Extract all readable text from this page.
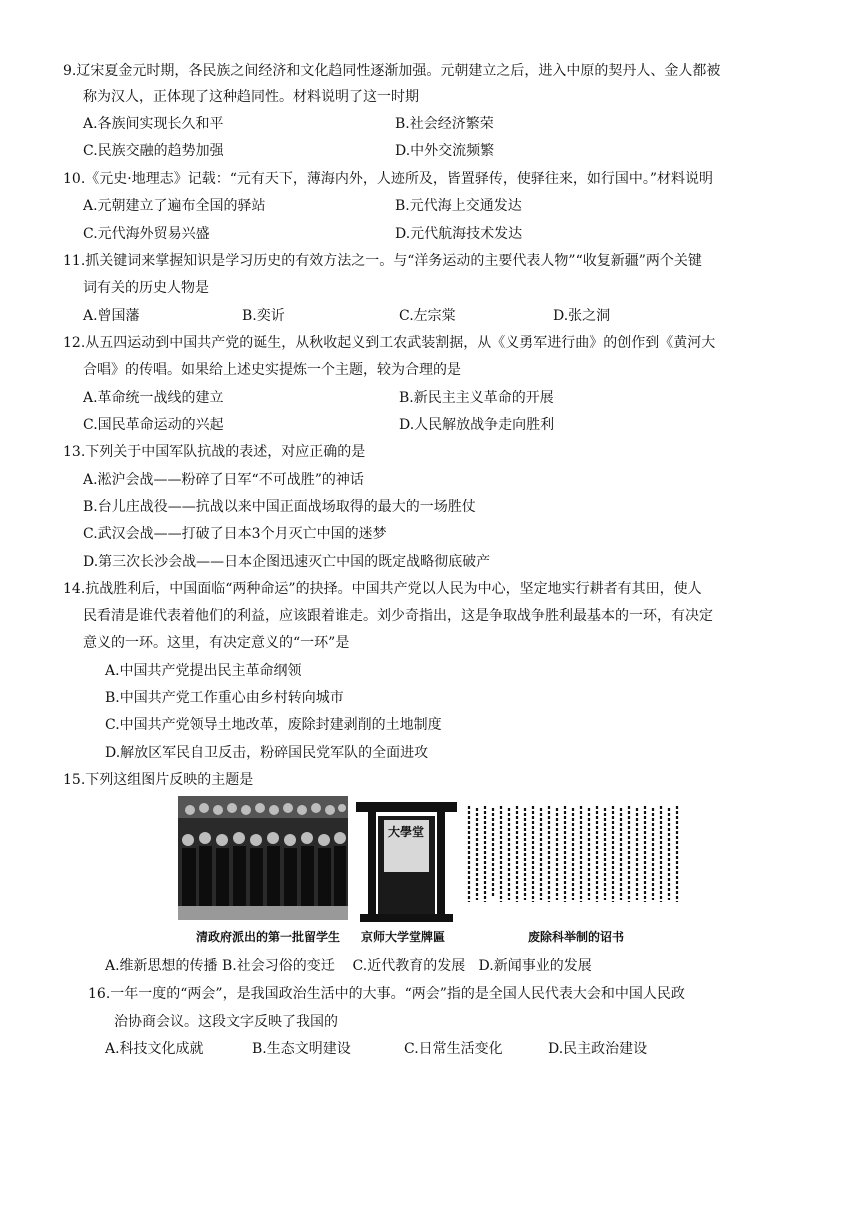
9.辽宋夏金元时期，各民族之间经济和文化趋同性逐渐加强。元朝建立之后，进入中原的契丹人、金人都被
称为汉人，正体现了这种趋同性。材料说明了这一时期
A.各族间实现长久和平	B.社会经济繁荣
C.民族交融的趋势加强	D.中外交流频繁
10.《元史·地理志》记载：“元有天下，薄海内外，人迹所及，皆置驿传，使驿往来，如行国中。”材料说明
A.元朝建立了遍布全国的驿站	B.元代海上交通发达
C.元代海外贸易兴盛	D.元代航海技术发达
11.抓关键词来掌握知识是学习历史的有效方法之一。与“洋务运动的主要代表人物”“收复新疆”两个关键
词有关的历史人物是
A.曾国藩	B.奕䜣	C.左宗棠	D.张之洞
12.从五四运动到中国共产党的诞生，从秋收起义到工农武装割据，从《义勇军进行曲》的创作到《黄河大
合唱》的传唱。如果给上述史实提炼一个主题，较为合理的是
A.革命统一战线的建立	B.新民主主义革命的开展
C.国民革命运动的兴起	D.人民解放战争走向胜利
13.下列关于中国军队抗战的表述，对应正确的是
A.淞沪会战——粉碎了日军“不可战胜”的神话
B.台儿庄战役——抗战以来中国正面战场取得的最大的一场胜仗
C.武汉会战——打破了日本3个月灭亡中国的迷梦
D.第三次长沙会战——日本企图迅速灭亡中国的既定战略彻底破产
14.抗战胜利后，中国面临“两种命运”的抉择。中国共产党以人民为中心，坚定地实行耕者有其田，使人
民看清是谁代表着他们的利益，应该跟着谁走。刘少奇指出，这是争取战争胜利最基本的一环，有决定
意义的一环。这里，有决定意义的“一环”是
A.中国共产党提出民主革命纲领
B.中国共产党工作重心由乡村转向城市
C.中国共产党领导土地改革，废除封建剥削的土地制度
D.解放区军民自卫反击，粉碎国民党军队的全面进攻
15.下列这组图片反映的主题是
大學堂
清政府派出的第一批留学生 京师大学堂牌匾	废除科举制的诏书
A.维新思想的传播 B.社会习俗的变迁    C.近代教育的发展   D.新闻事业的发展
16.一年一度的“两会”，是我国政治生活中的大事。“两会”指的是全国人民代表大会和中国人民政
治协商会议。这段文字反映了我国的
A.科技文化成就	B.生态文明建设	C.日常生活变化	D.民主政治建设
